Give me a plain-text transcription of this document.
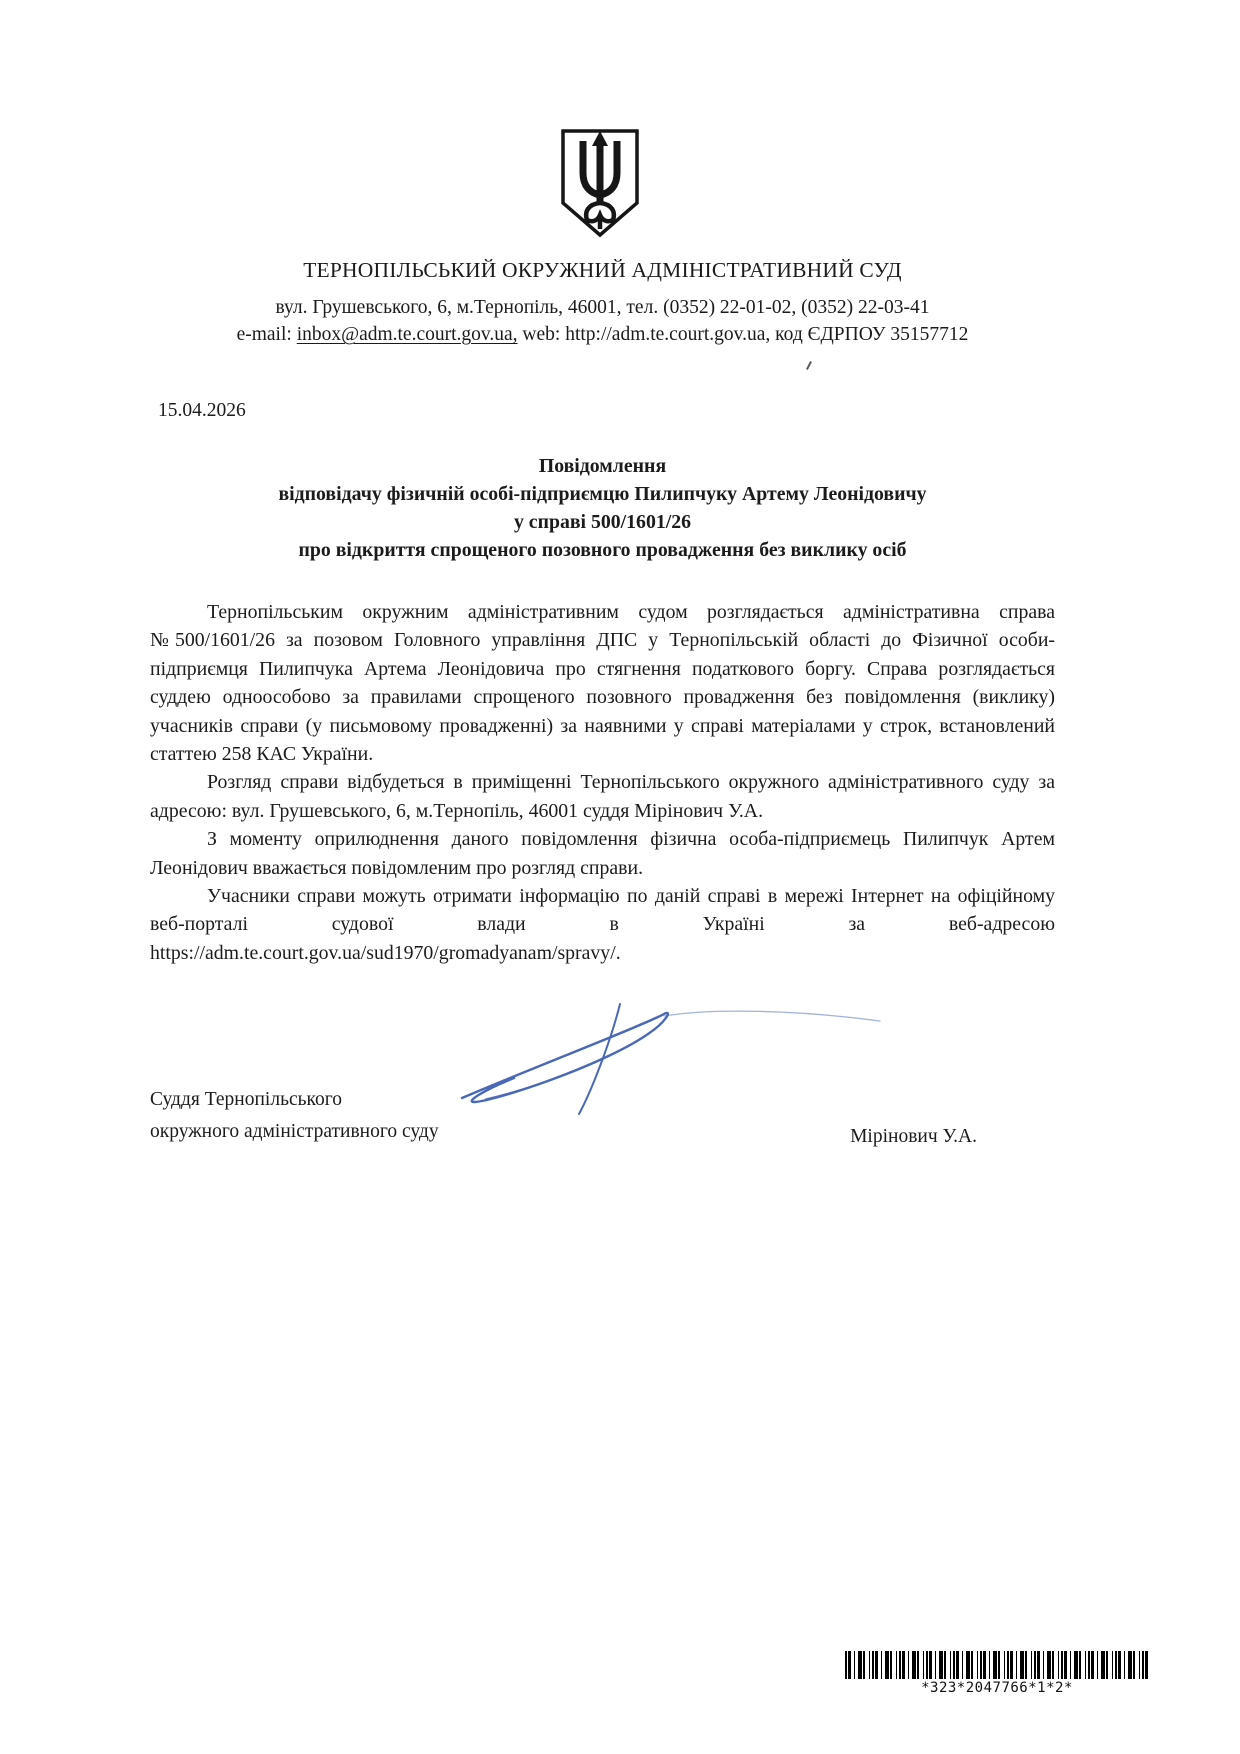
ТЕРНОПІЛЬСЬКИЙ ОКРУЖНИЙ АДМІНІСТРАТИВНИЙ СУД
вул. Грушевського, 6, м.Тернопіль, 46001, тел. (0352) 22-01-02, (0352) 22-03-41
e-mail: inbox@adm.te.court.gov.ua, web: http://adm.te.court.gov.ua, код ЄДРПОУ 35157712
15.04.2026
Повідомлення
відповідачу фізичній особі-підприємцю Пилипчуку Артему Леонідовичу
у справі 500/1601/26
про відкриття спрощеного позовного провадження без виклику осіб

Тернопільським окружним адміністративним судом розглядається адміністративна справа №500/1601/26 за позовом Головного управління ДПС у Тернопільській області до Фізичної особи-підприємця Пилипчука Артема Леонідовича про стягнення податкового боргу. Справа розглядається суддею одноособово за правилами спрощеного позовного провадження без повідомлення (виклику) учасників справи (у письмовому провадженні) за наявними у справі матеріалами у строк, встановлений статтею 258 КАС України.

Розгляд справи відбудеться в приміщенні Тернопільського окружного адміністративного суду за адресою: вул. Грушевського, 6, м.Тернопіль, 46001 суддя Мірінович У.А.

З моменту оприлюднення даного повідомлення фізична особа-підприємець Пилипчук Артем Леонідович вважається повідомленим про розгляд справи.

Учасники справи можуть отримати інформацію по даній справі в мережі Інтернет на офіційному веб-порталі судової влади в Україні за веб-адресою https://adm.te.court.gov.ua/sud1970/gromadyanam/spravy/.

Суддя Тернопільського
окружного адміністративного суду	Мірінович У.А.
*323*2047766*1*2*
